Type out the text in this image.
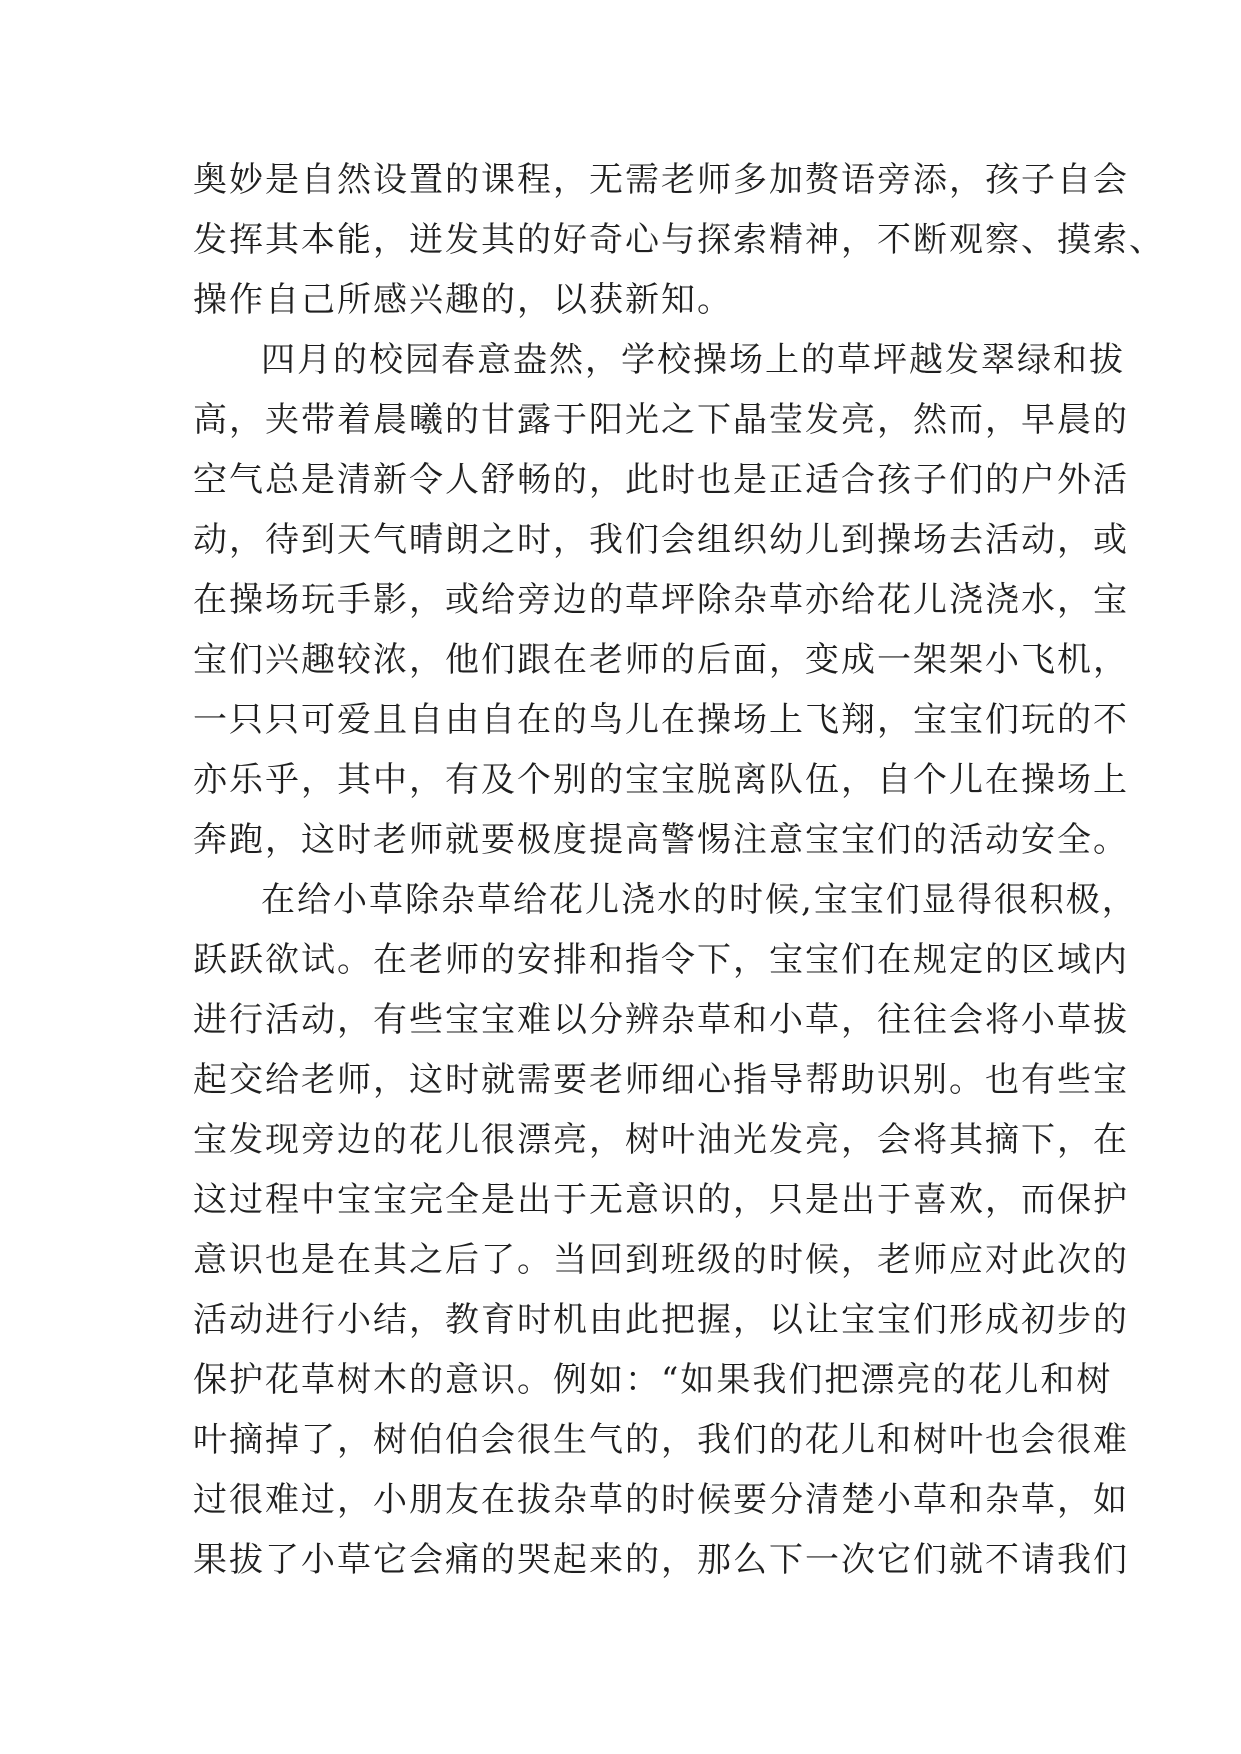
奥妙是自然设置的课程，无需老师多加赘语旁添，孩子自会
发挥其本能，迸发其的好奇心与探索精神，不断观察、摸索、
操作自己所感兴趣的，以获新知。
四月的校园春意盎然，学校操场上的草坪越发翠绿和拔
高，夹带着晨曦的甘露于阳光之下晶莹发亮，然而，早晨的
空气总是清新令人舒畅的，此时也是正适合孩子们的户外活
动，待到天气晴朗之时，我们会组织幼儿到操场去活动，或
在操场玩手影，或给旁边的草坪除杂草亦给花儿浇浇水，宝
宝们兴趣较浓，他们跟在老师的后面，变成一架架小飞机，
一只只可爱且自由自在的鸟儿在操场上飞翔，宝宝们玩的不
亦乐乎，其中，有及个别的宝宝脱离队伍，自个儿在操场上
奔跑，这时老师就要极度提高警惕注意宝宝们的活动安全。
在给小草除杂草给花儿浇水的时候,宝宝们显得很积极，
跃跃欲试。在老师的安排和指令下，宝宝们在规定的区域内
进行活动，有些宝宝难以分辨杂草和小草，往往会将小草拔
起交给老师，这时就需要老师细心指导帮助识别。也有些宝
宝发现旁边的花儿很漂亮，树叶油光发亮，会将其摘下，在
这过程中宝宝完全是出于无意识的，只是出于喜欢，而保护
意识也是在其之后了。当回到班级的时候，老师应对此次的
活动进行小结，教育时机由此把握，以让宝宝们形成初步的
保护花草树木的意识。例如：“如果我们把漂亮的花儿和树
叶摘掉了，树伯伯会很生气的，我们的花儿和树叶也会很难
过很难过，小朋友在拔杂草的时候要分清楚小草和杂草，如
果拔了小草它会痛的哭起来的，那么下一次它们就不请我们
